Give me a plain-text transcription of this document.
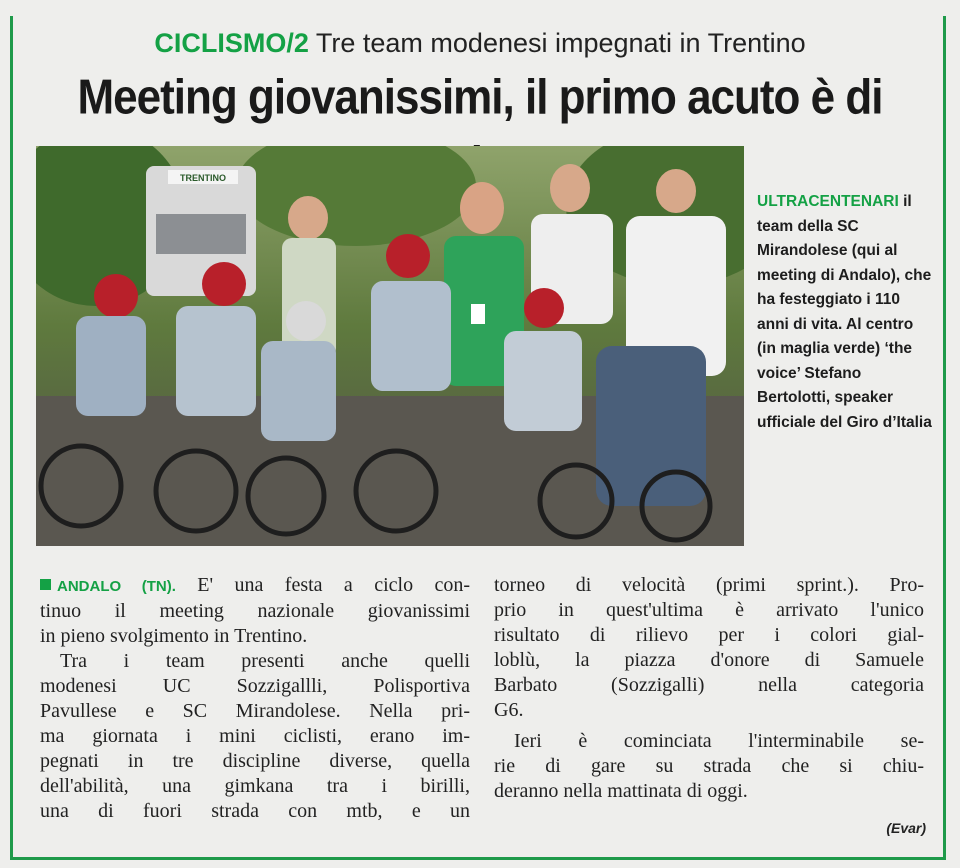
CICLISMO/2 Tre team modenesi impegnati in Trentino
Meeting giovanissimi, il primo acuto è di
TRENTINO
ULTRACENTENARI il team della SC Mirandolese (qui al meeting di Andalo), che ha festeggiato i 110 anni di vita. Al centro (in maglia verde) ‘the voice’ Stefano Bertolotti, speaker ufficiale del Giro d’Italia

ANDALO (TN). E' una festa a ciclo con-
tinuo il meeting nazionale giovanissimi
in pieno svolgimento in Trentino.

Tra i team presenti anche quelli
modenesi UC Sozzigallli, Polisportiva
Pavullese e SC Mirandolese. Nella pri-
ma giornata i mini ciclisti, erano im-
pegnati in tre discipline diverse, quella
dell'abilità, una gimkana tra i birilli,
una di fuori strada con mtb, e un

torneo di velocità (primi sprint.). Pro-
prio in quest'ultima è arrivato l'unico
risultato di rilievo per i colori gial-
loblù, la piazza d'onore di Samuele
Barbato (Sozzigalli) nella categoria
G6.

Ieri è cominciata l'interminabile se-
rie di gare su strada che si chiu-
deranno nella mattinata di oggi.

(Evar)
